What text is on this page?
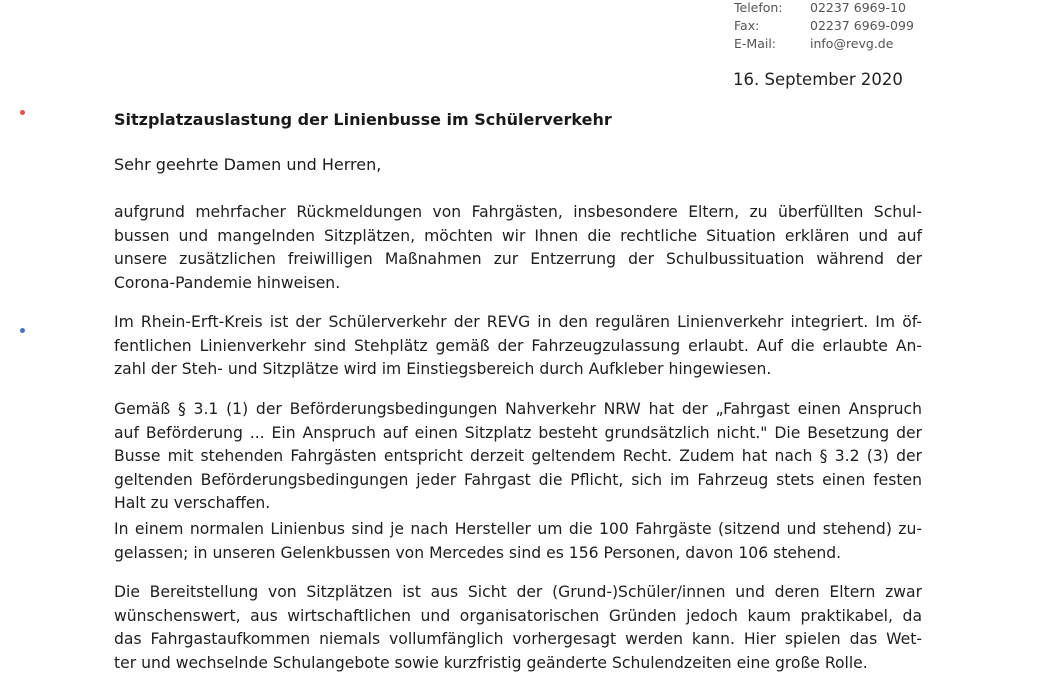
Telefon: 02237 6969-10
Fax:	02237 6969-099
E-Mail:	info@revg.de
16. September 2020
Sitzplatzauslastung der Linienbusse im Schülerverkehr
Sehr geehrte Damen und Herren,
aufgrund mehrfacher Rückmeldungen von Fahrgästen, insbesondere Eltern, zu überfüllten Schul-
bussen und mangelnden Sitzplätzen, möchten wir Ihnen die rechtliche Situation erklären und auf
unsere zusätzlichen freiwilligen Maßnahmen zur Entzerrung der Schulbussituation während der
Corona-Pandemie hinweisen.
Im Rhein-Erft-Kreis ist der Schülerverkehr der REVG in den regulären Linienverkehr integriert. Im öf-
fentlichen Linienverkehr sind Stehplätz gemäß der Fahrzeugzulassung erlaubt. Auf die erlaubte An-
zahl der Steh- und Sitzplätze wird im Einstiegsbereich durch Aufkleber hingewiesen.
Gemäß § 3.1 (1) der Beförderungsbedingungen Nahverkehr NRW hat der „Fahrgast einen Anspruch
auf Beförderung ... Ein Anspruch auf einen Sitzplatz besteht grundsätzlich nicht." Die Besetzung der
Busse mit stehenden Fahrgästen entspricht derzeit geltendem Recht. Zudem hat nach § 3.2 (3) der
geltenden Beförderungsbedingungen jeder Fahrgast die Pflicht, sich im Fahrzeug stets einen festen
Halt zu verschaffen.
In einem normalen Linienbus sind je nach Hersteller um die 100 Fahrgäste (sitzend und stehend) zu-
gelassen; in unseren Gelenkbussen von Mercedes sind es 156 Personen, davon 106 stehend.
Die Bereitstellung von Sitzplätzen ist aus Sicht der (Grund-)Schüler/innen und deren Eltern zwar
wünschenswert, aus wirtschaftlichen und organisatorischen Gründen jedoch kaum praktikabel, da
das Fahrgastaufkommen niemals vollumfänglich vorhergesagt werden kann. Hier spielen das Wet-
ter und wechselnde Schulangebote sowie kurzfristig geänderte Schulendzeiten eine große Rolle.
